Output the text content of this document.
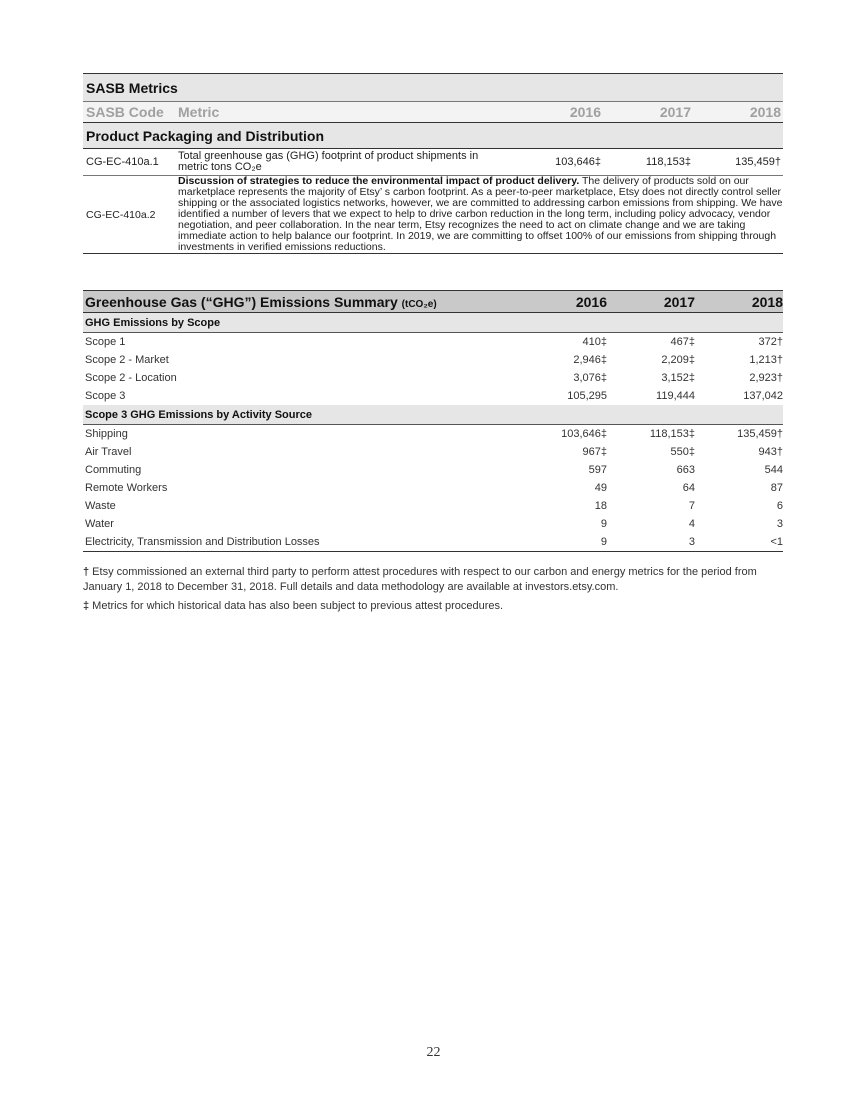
SASB Metrics				
SASB Code	Metric	2016	2017	2018
Product Packaging and Distribution				
CG-EC-410a.1	Total greenhouse gas (GHG) footprint of product shipments in metric tons CO₂e	103,646‡	118,153‡	135,459†
CG-EC-410a.2	Discussion of strategies to reduce the environmental impact of product delivery. The delivery of products sold on our marketplace represents the majority of Etsy’ s carbon footprint. As a peer-to-peer marketplace, Etsy does not directly control seller shipping or the associated logistics networks, however, we are committed to addressing carbon emissions from shipping. We have identified a number of levers that we expect to help to drive carbon reduction in the long term, including policy advocacy, vendor negotiation, and peer collaboration. In the near term, Etsy recognizes the need to act on climate change and we are taking immediate action to help balance our footprint. In 2019, we are committing to offset 100% of our emissions from shipping through investments in verified emissions reductions.			
Greenhouse Gas (“GHG”) Emissions Summary (tCO₂e)	2016	2017	2018
GHG Emissions by Scope			
Scope 1	410‡	467‡	372†
Scope 2 - Market	2,946‡	2,209‡	1,213†
Scope 2 - Location	3,076‡	3,152‡	2,923†
Scope 3	105,295	119,444	137,042
Scope 3 GHG Emissions by Activity Source			
Shipping	103,646‡	118,153‡	135,459†
Air Travel	967‡	550‡	943†
Commuting	597	663	544
Remote Workers	49	64	87
Waste	18	7	6
Water	9	4	3
Electricity, Transmission and Distribution Losses	9	3	<1

† Etsy commissioned an external third party to perform attest procedures with respect to our carbon and energy metrics for the period from January 1, 2018 to December 31, 2018. Full details and data methodology are available at investors.etsy.com.

‡ Metrics for which historical data has also been subject to previous attest procedures.

22
